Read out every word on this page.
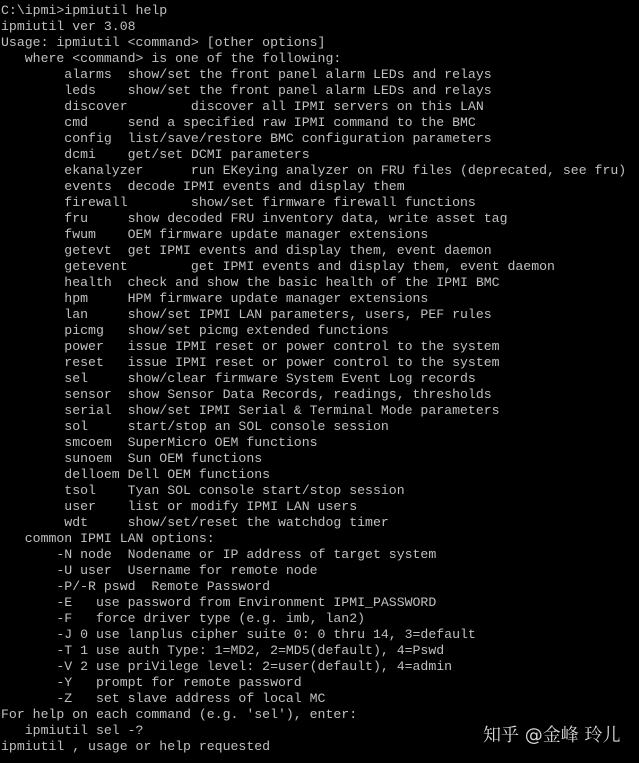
C:\ipmi>ipmiutil help
ipmiutil ver 3.08
Usage: ipmiutil <command> [other options]
where <command> is one of the following:
alarms  show/set the front panel alarm LEDs and relays
leds    show/set the front panel alarm LEDs and relays
discover        discover all IPMI servers on this LAN
cmd     send a specified raw IPMI command to the BMC
config  list/save/restore BMC configuration parameters
dcmi    get/set DCMI parameters
ekanalyzer      run EKeying analyzer on FRU files (deprecated, see fru)
events  decode IPMI events and display them
firewall        show/set firmware firewall functions
fru     show decoded FRU inventory data, write asset tag
fwum    OEM firmware update manager extensions
getevt  get IPMI events and display them, event daemon
getevent        get IPMI events and display them, event daemon
health  check and show the basic health of the IPMI BMC
hpm     HPM firmware update manager extensions
lan     show/set IPMI LAN parameters, users, PEF rules
picmg   show/set picmg extended functions
power   issue IPMI reset or power control to the system
reset   issue IPMI reset or power control to the system
sel     show/clear firmware System Event Log records
sensor  show Sensor Data Records, readings, thresholds
serial  show/set IPMI Serial & Terminal Mode parameters
sol     start/stop an SOL console session
smcoem  SuperMicro OEM functions
sunoem  Sun OEM functions
delloem Dell OEM functions
tsol    Tyan SOL console start/stop session
user    list or modify IPMI LAN users
wdt     show/set/reset the watchdog timer
common IPMI LAN options:
-N node  Nodename or IP address of target system
-U user  Username for remote node
-P/-R pswd  Remote Password
-E   use password from Environment IPMI_PASSWORD
-F   force driver type (e.g. imb, lan2)
-J 0 use lanplus cipher suite 0: 0 thru 14, 3=default
-T 1 use auth Type: 1=MD2, 2=MD5(default), 4=Pswd
-V 2 use priVilege level: 2=user(default), 4=admin
-Y   prompt for remote password
-Z   set slave address of local MC
For help on each command (e.g. 'sel'), enter:
ipmiutil sel -?
ipmiutil , usage or help requested
知乎 @金峰 玲儿
